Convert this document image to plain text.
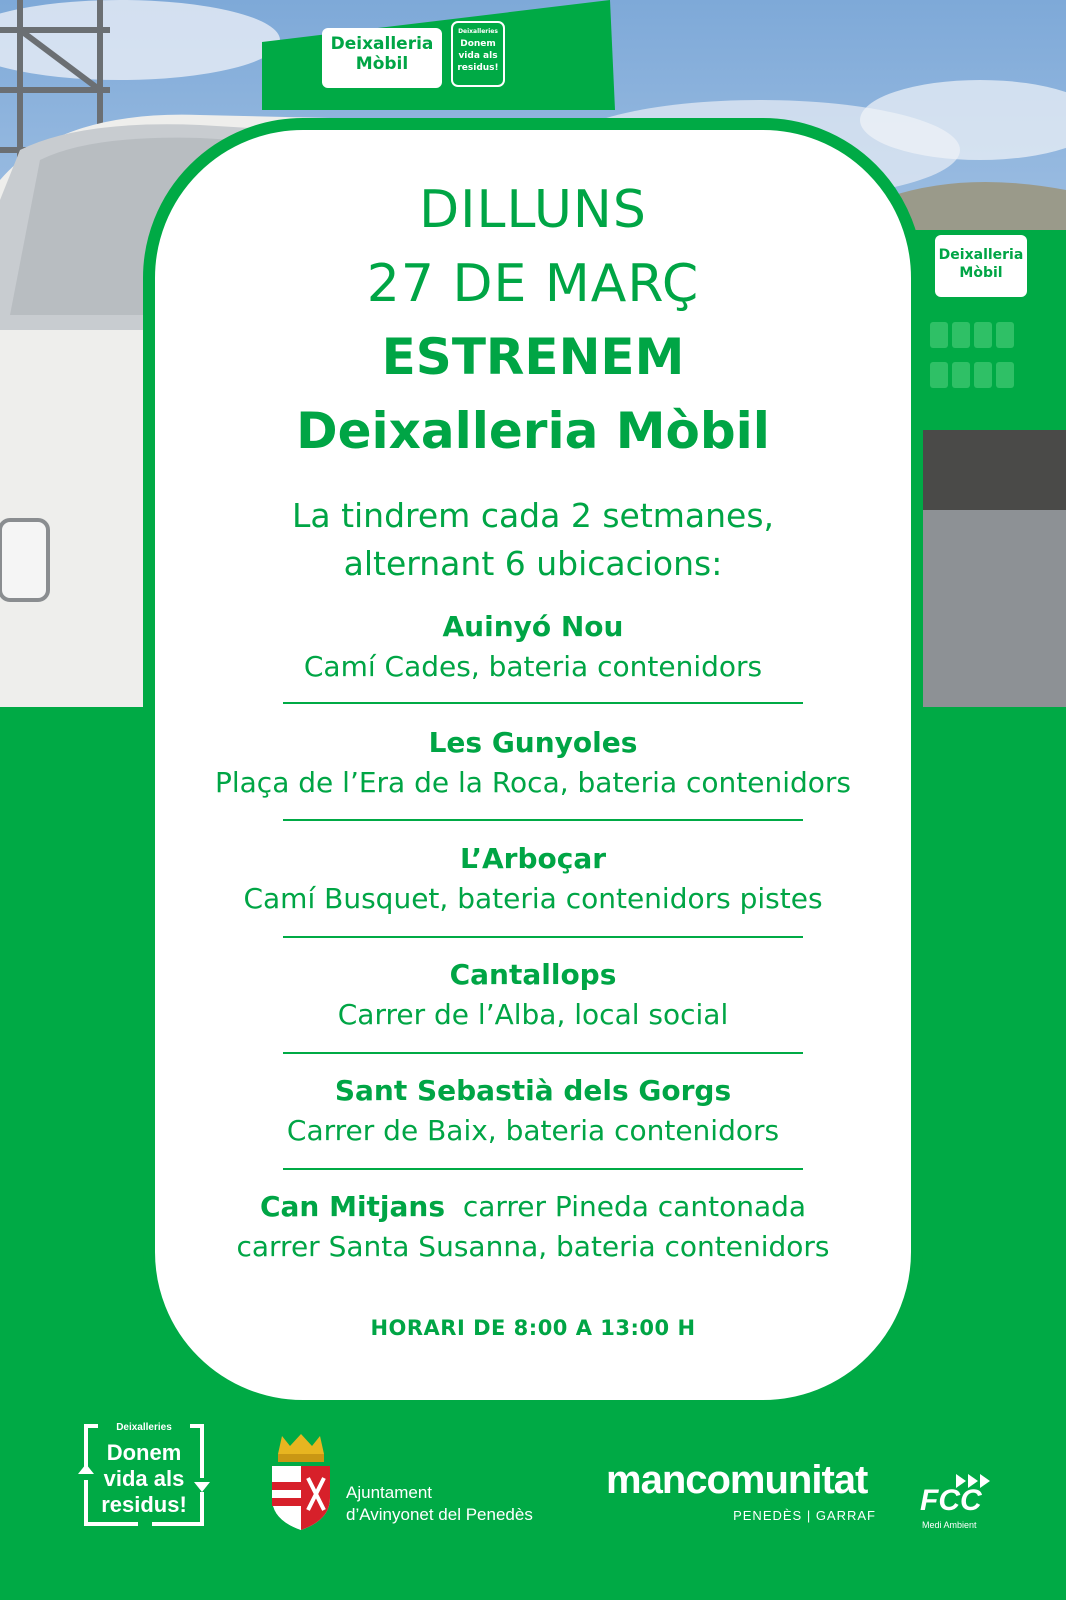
Deixalleria
Mòbil
Deixalleries
Donem
vida als
residus!
Deixalleria
Mòbil

DILLUNS

27 DE MARÇ

ESTRENEM

Deixalleria Mòbil

La tindrem cada 2 setmanes,

alternant 6 ubicacions:

Auinyó Nou

Camí Cades, bateria contenidors

Les Gunyoles

Plaça de l’Era de la Roca, bateria contenidors

L’Arboçar

Camí Busquet, bateria contenidors pistes

Cantallops

Carrer de l’Alba, local social

Sant Sebastià dels Gorgs

Carrer de Baix, bateria contenidors

Can Mitjans carrer Pineda cantonada

carrer Santa Susanna, bateria contenidors

HORARI DE 8:00 A 13:00 H

Deixalleries
Donem
vida als
residus!	Ajuntament
d’Avinyonet del Penedès
mancomunitat
PENEDÈS | GARRAF FCC
Medi Ambient
